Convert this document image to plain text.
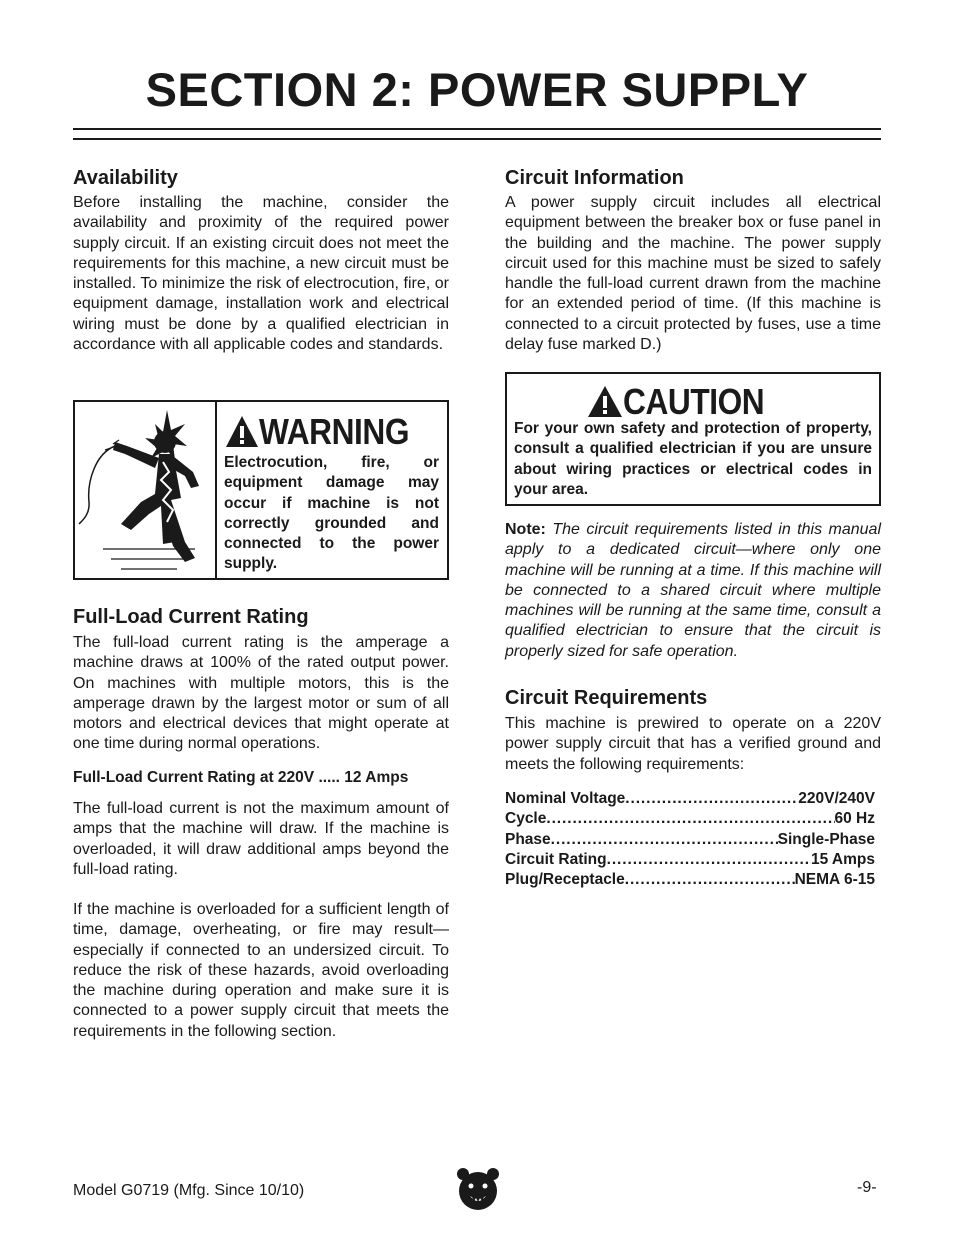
SECTION 2: POWER SUPPLY
Availability

Before installing the machine, consider the availability and proximity of the required power supply circuit. If an existing circuit does not meet the requirements for this machine, a new circuit must be installed. To minimize the risk of electrocution, fire, or equipment damage, installation work and electrical wiring must be done by a qualified electrician in accordance with all applicable codes and standards.

WARNING
Electrocution, fire, or equipment damage may occur if machine is not correctly grounded and connected to the power supply.
Full-Load Current Rating

The full-load current rating is the amperage a machine draws at 100% of the rated output power. On machines with multiple motors, this is the amperage drawn by the largest motor or sum of all motors and electrical devices that might operate at one time during normal operations.

Full-Load Current Rating at 220V ..... 12 Amps

The full-load current is not the maximum amount of amps that the machine will draw. If the machine is overloaded, it will draw additional amps beyond the full-load rating.

If the machine is overloaded for a sufficient length of time, damage, overheating, or fire may result—especially if connected to an undersized circuit. To reduce the risk of these hazards, avoid overloading the machine during operation and make sure it is connected to a power supply circuit that meets the requirements in the following section.

Circuit Information

A power supply circuit includes all electrical equipment between the breaker box or fuse panel in the building and the machine. The power supply circuit used for this machine must be sized to safely handle the full-load current drawn from the machine for an extended period of time. (If this machine is connected to a circuit protected by fuses, use a time delay fuse marked D.)

CAUTION
For your own safety and protection of property, consult a qualified electrician if you are unsure about wiring practices or electrical codes in your area.

Note: The circuit requirements listed in this manual apply to a dedicated circuit—where only one machine will be running at a time. If this machine will be connected to a shared circuit where multiple machines will be running at the same time, consult a qualified electrician to ensure that the circuit is properly sized for safe operation.

Circuit Requirements

This machine is prewired to operate on a 220V power supply circuit that has a verified ground and meets the following requirements:

Nominal Voltage . . .	220V/240V
Cycle . . .	60 Hz
Phase . . .	Single-Phase
Circuit Rating . . .	15 Amps
Plug/Receptacle . . .	NEMA 6-15
Model G0719 (Mfg. Since 10/10)	-9-
